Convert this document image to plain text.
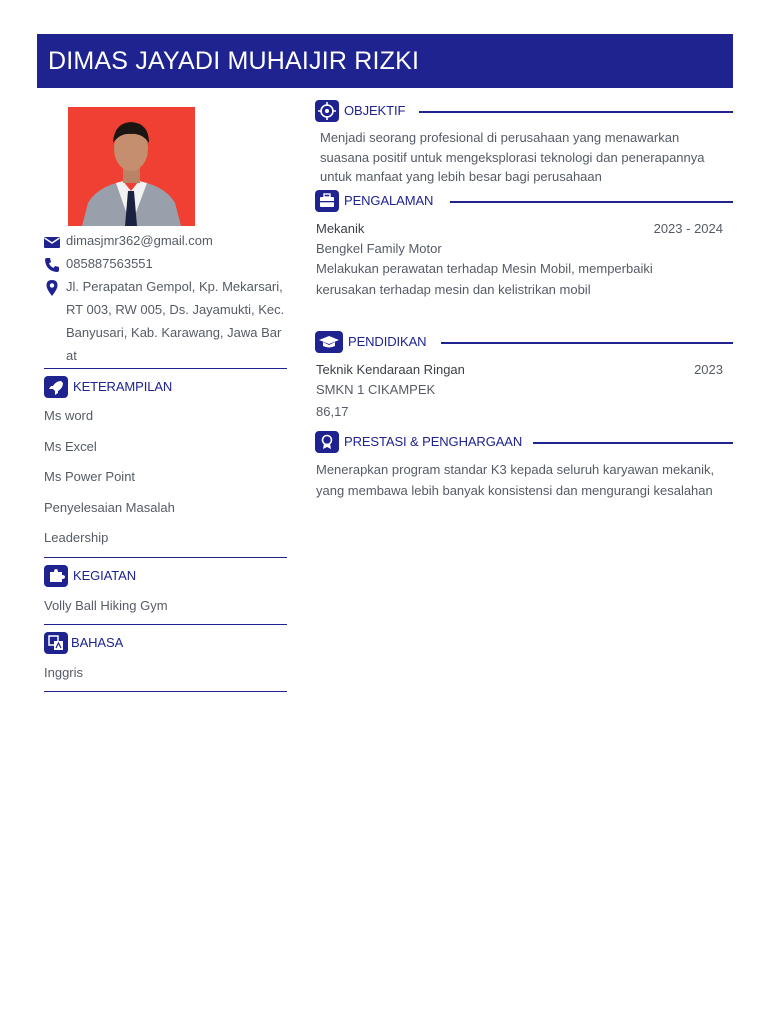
DIMAS JAYADI MUHAIJIR RIZKI
dimasjmr362@gmail.com
085887563551
Jl. Perapatan Gempol, Kp. Mekarsari, RT 003, RW 005, Ds. Jayamukti, Kec. Banyusari, Kab. Karawang, Jawa Barat
KETERAMPILAN
Ms word
Ms Excel
Ms Power Point
Penyelesaian Masalah
Leadership
KEGIATAN
Volly Ball Hiking Gym
BAHASA
Inggris
OBJEKTIF
Menjadi seorang profesional di perusahaan yang menawarkan suasana positif untuk mengeksplorasi teknologi dan penerapannya untuk manfaat yang lebih besar bagi perusahaan
PENGALAMAN
Mekanik	2023 - 2024
Bengkel Family Motor
Melakukan perawatan terhadap Mesin Mobil, memperbaiki kerusakan terhadap mesin dan kelistrikan mobil
PENDIDIKAN
Teknik Kendaraan Ringan	2023
SMKN 1 CIKAMPEK
86,17
PRESTASI & PENGHARGAAN
Menerapkan program standar K3 kepada seluruh karyawan mekanik, yang membawa lebih banyak konsistensi dan mengurangi kesalahan
